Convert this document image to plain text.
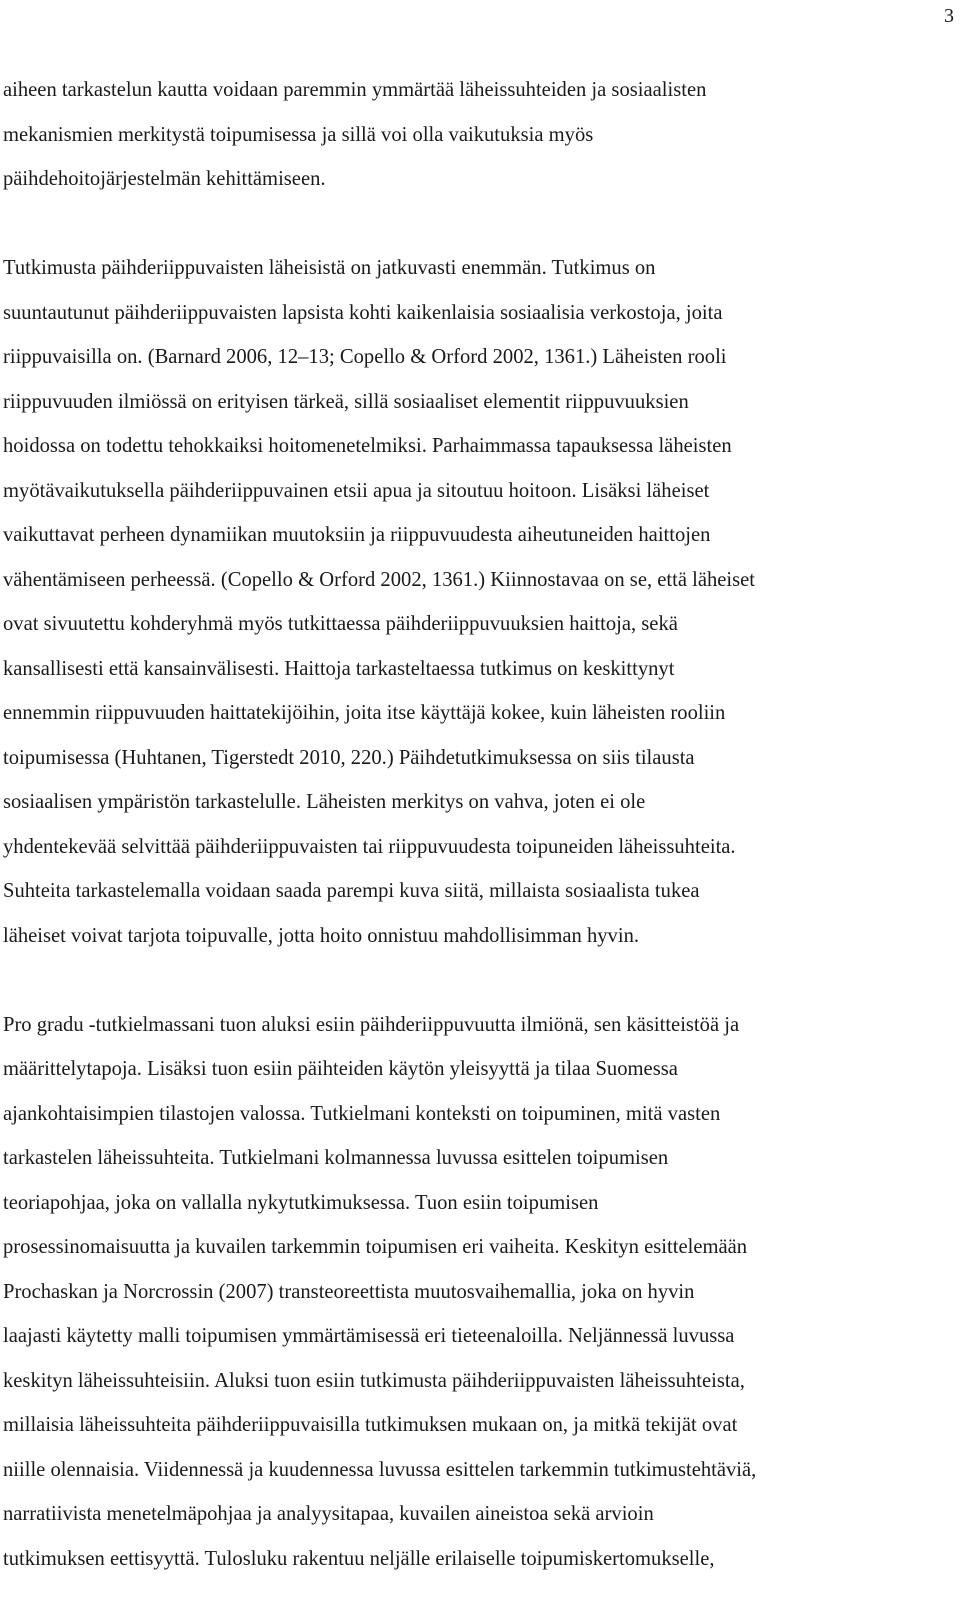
3

aiheen tarkastelun kautta voidaan paremmin ymmärtää läheissuhteiden ja sosiaalisten
mekanismien merkitystä toipumisessa ja sillä voi olla vaikutuksia myös
päihdehoitojärjestelmän kehittämiseen.

Tutkimusta päihderiippuvaisten läheisistä on jatkuvasti enemmän. Tutkimus on
suuntautunut päihderiippuvaisten lapsista kohti kaikenlaisia sosiaalisia verkostoja, joita
riippuvaisilla on. (Barnard 2006, 12–13; Copello & Orford 2002, 1361.) Läheisten rooli
riippuvuuden ilmiössä on erityisen tärkeä, sillä sosiaaliset elementit riippuvuuksien
hoidossa on todettu tehokkaiksi hoitomenetelmiksi. Parhaimmassa tapauksessa läheisten
myötävaikutuksella päihderiippuvainen etsii apua ja sitoutuu hoitoon. Lisäksi läheiset
vaikuttavat perheen dynamiikan muutoksiin ja riippuvuudesta aiheutuneiden haittojen
vähentämiseen perheessä. (Copello & Orford 2002, 1361.) Kiinnostavaa on se, että läheiset
ovat sivuutettu kohderyhmä myös tutkittaessa päihderiippuvuuksien haittoja, sekä
kansallisesti että kansainvälisesti. Haittoja tarkasteltaessa tutkimus on keskittynyt
ennemmin riippuvuuden haittatekijöihin, joita itse käyttäjä kokee, kuin läheisten rooliin
toipumisessa (Huhtanen, Tigerstedt 2010, 220.) Päihdetutkimuksessa on siis tilausta
sosiaalisen ympäristön tarkastelulle. Läheisten merkitys on vahva, joten ei ole
yhdentekevää selvittää päihderiippuvaisten tai riippuvuudesta toipuneiden läheissuhteita.
Suhteita tarkastelemalla voidaan saada parempi kuva siitä, millaista sosiaalista tukea
läheiset voivat tarjota toipuvalle, jotta hoito onnistuu mahdollisimman hyvin.

Pro gradu -tutkielmassani tuon aluksi esiin päihderiippuvuutta ilmiönä, sen käsitteistöä ja
määrittelytapoja. Lisäksi tuon esiin päihteiden käytön yleisyyttä ja tilaa Suomessa
ajankohtaisimpien tilastojen valossa. Tutkielmani konteksti on toipuminen, mitä vasten
tarkastelen läheissuhteita. Tutkielmani kolmannessa luvussa esittelen toipumisen
teoriapohjaa, joka on vallalla nykytutkimuksessa. Tuon esiin toipumisen
prosessinomaisuutta ja kuvailen tarkemmin toipumisen eri vaiheita. Keskityn esittelemään
Prochaskan ja Norcrossin (2007) transteoreettista muutosvaihemallia, joka on hyvin
laajasti käytetty malli toipumisen ymmärtämisessä eri tieteenaloilla. Neljännessä luvussa
keskityn läheissuhteisiin. Aluksi tuon esiin tutkimusta päihderiippuvaisten läheissuhteista,
millaisia läheissuhteita päihderiippuvaisilla tutkimuksen mukaan on, ja mitkä tekijät ovat
niille olennaisia. Viidennessä ja kuudennessa luvussa esittelen tarkemmin tutkimustehtäviä,
narratiivista menetelmäpohjaa ja analyysitapaa, kuvailen aineistoa sekä arvioin
tutkimuksen eettisyyttä. Tulosluku rakentuu neljälle erilaiselle toipumiskertomukselle,
